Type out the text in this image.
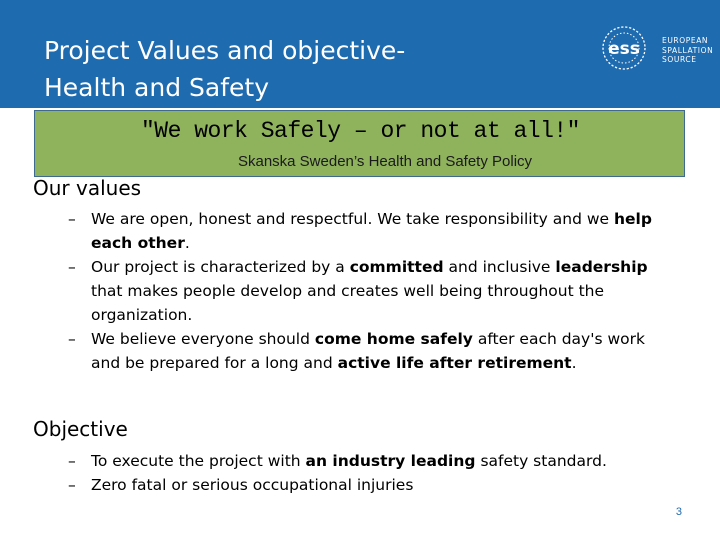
Project Values and objective-
Health and Safety
ess	EUROPEAN
SPALLATION
SOURCE
"We work Safely – or not at all!"
Skanska Sweden’s Health and Safety Policy
Our values
– We are open, honest and respectful. We take responsibility and we help each other.
– Our project is characterized by a committed and inclusive leadership that makes people develop and creates well being throughout the organization.
– We believe everyone should come home safely after each day's work and be prepared for a long and active life after retirement.
Objective
– To execute the project with an industry leading safety standard.
– Zero fatal or serious occupational injuries
3
